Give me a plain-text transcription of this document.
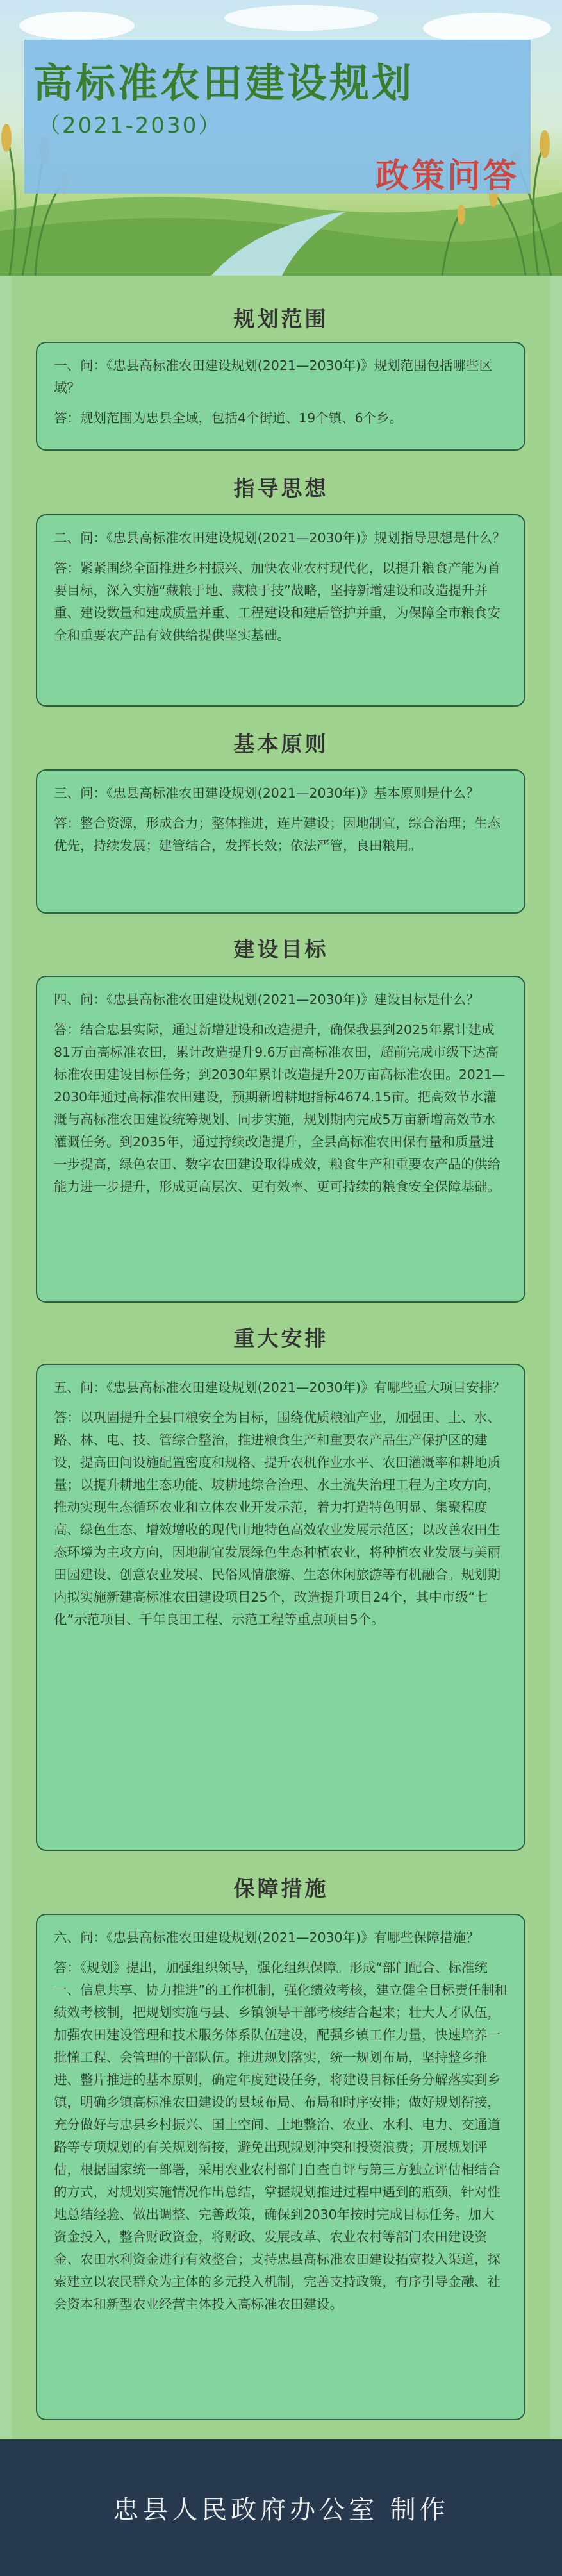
高标准农田建设规划
（2021-2030）
政策问答
规划范围

一、问：《忠县高标准农田建设规划(2021—2030年)》规划范围包括哪些区域？

答：规划范围为忠县全域，包括4个街道、19个镇、6个乡。

指导思想

二、问：《忠县高标准农田建设规划(2021—2030年)》规划指导思想是什么？

答：紧紧围绕全面推进乡村振兴、加快农业农村现代化，以提升粮食产能为首要目标，深入实施“藏粮于地、藏粮于技”战略，坚持新增建设和改造提升并重、建设数量和建成质量并重、工程建设和建后管护并重，为保障全市粮食安全和重要农产品有效供给提供坚实基础。

基本原则

三、问：《忠县高标准农田建设规划(2021—2030年)》基本原则是什么？

答：整合资源，形成合力；整体推进，连片建设；因地制宜，综合治理；生态优先，持续发展；建管结合，发挥长效；依法严管，良田粮用。

建设目标

四、问：《忠县高标准农田建设规划(2021—2030年)》建设目标是什么？

答：结合忠县实际，通过新增建设和改造提升，确保我县到2025年累计建成81万亩高标准农田，累计改造提升9.6万亩高标准农田，超前完成市级下达高标准农田建设目标任务；到2030年累计改造提升20万亩高标准农田。2021—2030年通过高标准农田建设，预期新增耕地指标4674.15亩。把高效节水灌溉与高标准农田建设统筹规划、同步实施，规划期内完成5万亩新增高效节水灌溉任务。到2035年，通过持续改造提升，全县高标准农田保有量和质量进一步提高，绿色农田、数字农田建设取得成效，粮食生产和重要农产品的供给能力进一步提升，形成更高层次、更有效率、更可持续的粮食安全保障基础。

重大安排

五、问：《忠县高标准农田建设规划(2021—2030年)》有哪些重大项目安排？

答：以巩固提升全县口粮安全为目标，围绕优质粮油产业，加强田、土、水、路、林、电、技、管综合整治，推进粮食生产和重要农产品生产保护区的建设，提高田间设施配置密度和规格、提升农机作业水平、农田灌溉率和耕地质量；以提升耕地生态功能、坡耕地综合治理、水土流失治理工程为主攻方向，推动实现生态循环农业和立体农业开发示范，着力打造特色明显、集聚程度高、绿色生态、增效增收的现代山地特色高效农业发展示范区；以改善农田生态环境为主攻方向，因地制宜发展绿色生态种植农业，将种植农业发展与美丽田园建设、创意农业发展、民俗风情旅游、生态休闲旅游等有机融合。规划期内拟实施新建高标准农田建设项目25个，改造提升项目24个，其中市级“七化”示范项目、千年良田工程、示范工程等重点项目5个。

保障措施

六、问：《忠县高标准农田建设规划(2021—2030年)》有哪些保障措施？

答：《规划》提出，加强组织领导，强化组织保障。形成“部门配合、标准统一、信息共享、协力推进”的工作机制，强化绩效考核，建立健全目标责任制和绩效考核制，把规划实施与县、乡镇领导干部考核结合起来；壮大人才队伍，加强农田建设管理和技术服务体系队伍建设，配强乡镇工作力量，快速培养一批懂工程、会管理的干部队伍。推进规划落实，统一规划布局，坚持整乡推进、整片推进的基本原则，确定年度建设任务，将建设目标任务分解落实到乡镇，明确乡镇高标准农田建设的县域布局、布局和时序安排；做好规划衔接，充分做好与忠县乡村振兴、国土空间、土地整治、农业、水利、电力、交通道路等专项规划的有关规划衔接，避免出现规划冲突和投资浪费；开展规划评估，根据国家统一部署，采用农业农村部门自查自评与第三方独立评估相结合的方式，对规划实施情况作出总结，掌握规划推进过程中遇到的瓶颈，针对性地总结经验、做出调整、完善政策，确保到2030年按时完成目标任务。加大资金投入，整合财政资金，将财政、发展改革、农业农村等部门农田建设资金、农田水利资金进行有效整合；支持忠县高标准农田建设拓宽投入渠道，探索建立以农民群众为主体的多元投入机制，完善支持政策，有序引导金融、社会资本和新型农业经营主体投入高标准农田建设。

忠县人民政府办公室 制作
